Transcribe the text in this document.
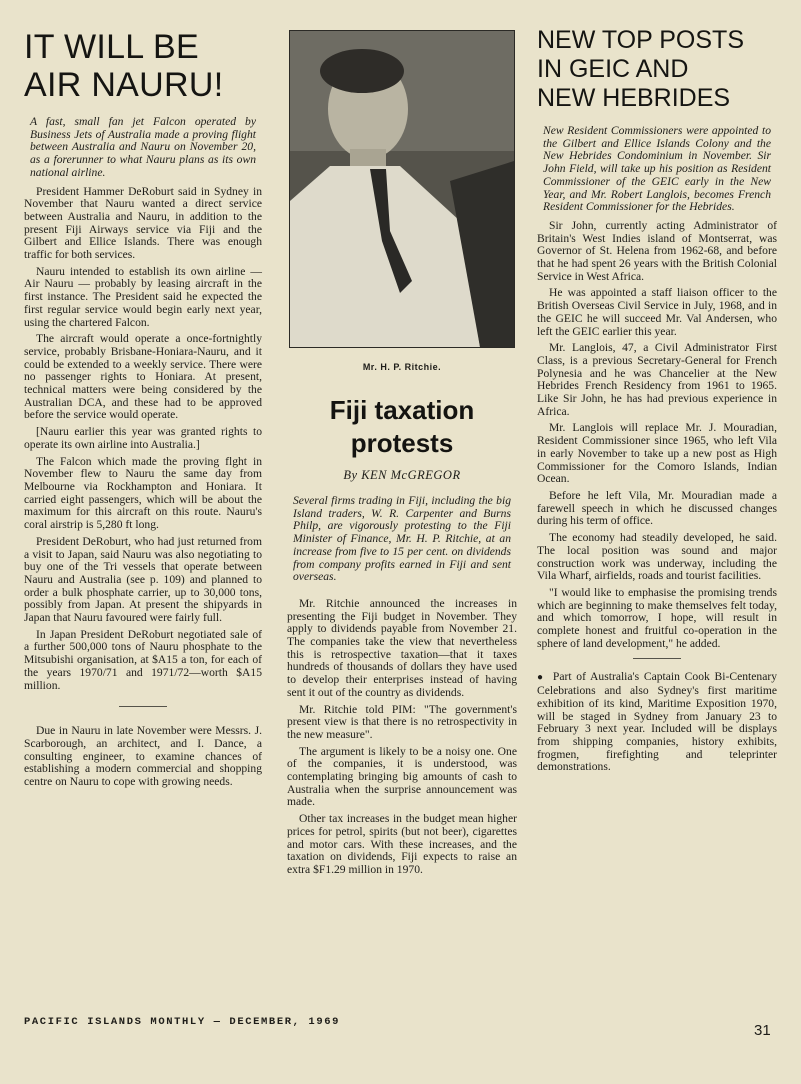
IT WILL BE
AIR NAURU!

A fast, small fan jet Falcon operated by Business Jets of Australia made a proving flight between Australia and Nauru on November 20, as a forerunner to what Nauru plans as its own national airline.

President Hammer DeRoburt said in Sydney in November that Nauru wanted a direct service between Australia and Nauru, in addition to the present Fiji Airways service via Fiji and the Gilbert and Ellice Islands. There was enough traffic for both services.

Nauru intended to establish its own airline — Air Nauru — probably by leasing aircraft in the first instance. The President said he expected the first regular service would begin early next year, using the chartered Falcon.

The aircraft would operate a once-fortnightly service, probably Brisbane-Honiara-Nauru, and it could be extended to a weekly service. There were no passenger rights to Honiara. At present, technical matters were being considered by the Australian DCA, and these had to be approved before the service would operate.

[Nauru earlier this year was granted rights to operate its own airline into Australia.]

The Falcon which made the proving flght in November flew to Nauru the same day from Melbourne via Rockhampton and Honiara. It carried eight passengers, which will be about the maximum for this aircraft on this route. Nauru's coral airstrip is 5,280 ft long.

President DeRoburt, who had just returned from a visit to Japan, said Nauru was also negotiating to buy one of the Tri vessels that operate between Nauru and Australia (see p. 109) and planned to order a bulk phosphate carrier, up to 30,000 tons, possibly from Japan. At present the shipyards in Japan that Nauru favoured were fairly full.

In Japan President DeRoburt negotiated sale of a further 500,000 tons of Nauru phosphate to the Mitsubishi organisation, at $A15 a ton, for each of the years 1970/71 and 1971/72—worth $A15 million.

Due in Nauru in late November were Messrs. J. Scarborough, an architect, and I. Dance, a consulting engineer, to examine chances of establishing a modern commercial and shopping centre on Nauru to cope with growing needs.

Mr. H. P. Ritchie.
Fiji taxation protests

By KEN McGREGOR

Several firms trading in Fiji, including the big Island traders, W. R. Carpenter and Burns Philp, are vigorously protesting to the Fiji Minister of Finance, Mr. H. P. Ritchie, at an increase from five to 15 per cent. on dividends from company profits earned in Fiji and sent overseas.

Mr. Ritchie announced the increases in presenting the Fiji budget in November. They apply to dividends payable from November 21. The companies take the view that nevertheless this is retrospective taxation—that it taxes hundreds of thousands of dollars they have used to develop their enterprises instead of having sent it out of the country as dividends.

Mr. Ritchie told PIM: "The government's present view is that there is no retrospectivity in the new measure".

The argument is likely to be a noisy one. One of the companies, it is understood, was contemplating bringing big amounts of cash to Australia when the surprise announcement was made.

Other tax increases in the budget mean higher prices for petrol, spirits (but not beer), cigarettes and motor cars. With these increases, and the taxation on dividends, Fiji expects to raise an extra $F1.29 million in 1970.

NEW TOP POSTS
IN GEIC AND
NEW HEBRIDES

New Resident Commissioners were appointed to the Gilbert and Ellice Islands Colony and the New Hebrides Condominium in November. Sir John Field, will take up his position as Resident Commissioner of the GEIC early in the New Year, and Mr. Robert Langlois, becomes French Resident Commissioner for the Hebrides.

Sir John, currently acting Administrator of Britain's West Indies island of Montserrat, was Governor of St. Helena from 1962-68, and before that he had spent 26 years with the British Colonial Service in West Africa.

He was appointed a staff liaison officer to the British Overseas Civil Service in July, 1968, and in the GEIC he will succeed Mr. Val Andersen, who left the GEIC earlier this year.

Mr. Langlois, 47, a Civil Administrator First Class, is a previous Secretary-General for French Polynesia and he was Chancelier at the New Hebrides French Residency from 1961 to 1965. Like Sir John, he has had previous experience in Africa.

Mr. Langlois will replace Mr. J. Mouradian, Resident Commissioner since 1965, who left Vila in early November to take up a new post as High Commissioner for the Comoro Islands, Indian Ocean.

Before he left Vila, Mr. Mouradian made a farewell speech in which he discussed changes during his term of office.

The economy had steadily developed, he said. The local position was sound and major construction work was underway, including the Vila Wharf, airfields, roads and tourist facilities.

"I would like to emphasise the promising trends which are beginning to make themselves felt today, and which tomorrow, I hope, will result in complete honest and fruitful co-operation in the sphere of land development," he added.

● Part of Australia's Captain Cook Bi-Centenary Celebrations and also Sydney's first maritime exhibition of its kind, Maritime Exposition 1970, will be staged in Sydney from January 23 to February 3 next year. Included will be displays from shipping companies, history exhibits, frogmen, firefighting and teleprinter demonstrations.

PACIFIC ISLANDS MONTHLY — DECEMBER, 1969	31
